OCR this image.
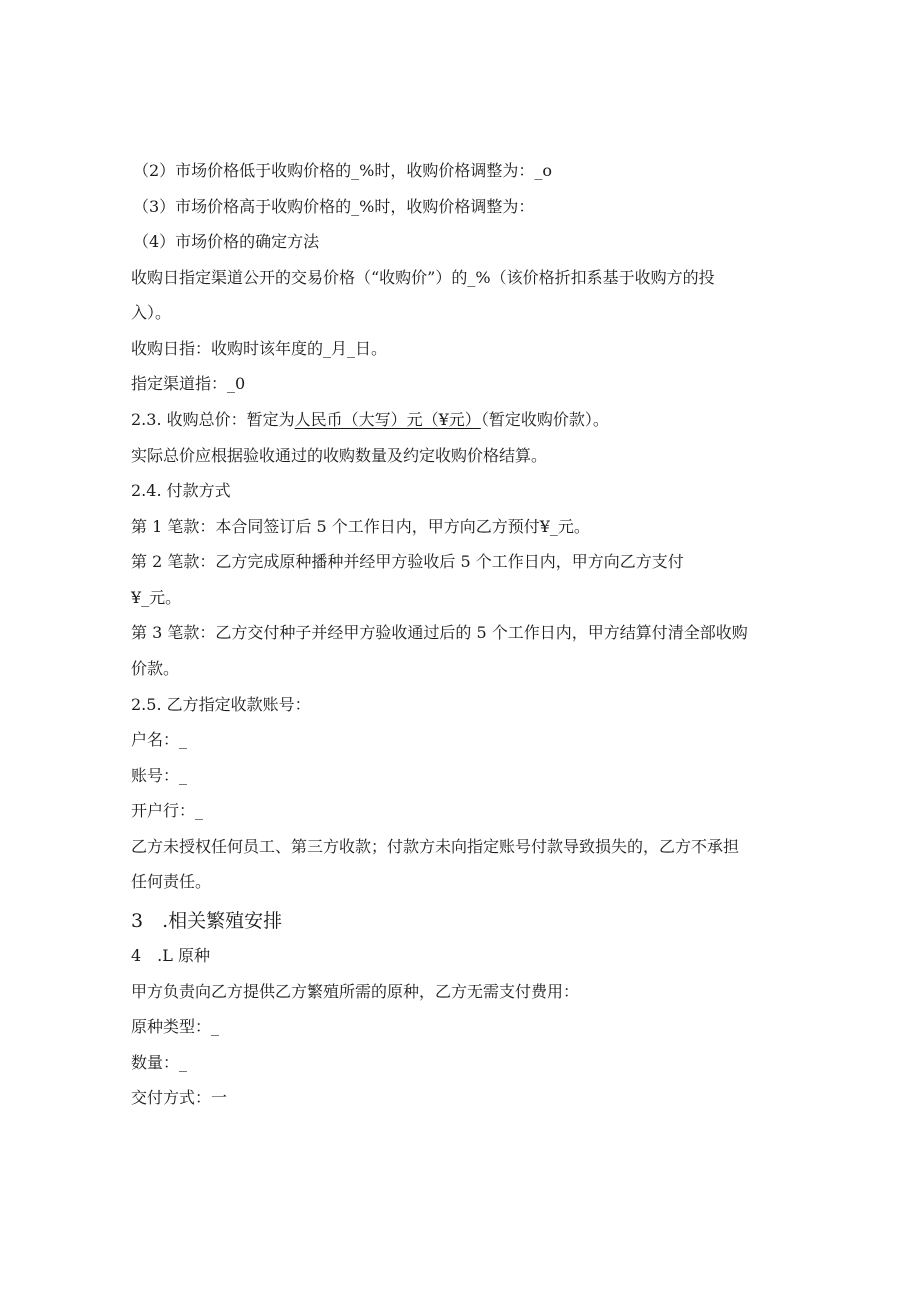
（2）市场价格低于收购价格的_%时，收购价格调整为：_o

（3）市场价格高于收购价格的_%时，收购价格调整为：

（4）市场价格的确定方法

收购日指定渠道公开的交易价格（“收购价”）的_%（该价格折扣系基于收购方的投

入）。

收购日指：收购时该年度的_月_日。

指定渠道指：_0

2.3. 收购总价：暂定为人民币（大写）元（¥元）（暂定收购价款）。

实际总价应根据验收通过的收购数量及约定收购价格结算。

2.4. 付款方式

第 1 笔款：本合同签订后 5 个工作日内，甲方向乙方预付¥_元。

第 2 笔款：乙方完成原种播种并经甲方验收后 5 个工作日内，甲方向乙方支付

¥_元。

第 3 笔款：乙方交付种子并经甲方验收通过后的 5 个工作日内，甲方结算付清全部收购

价款。

2.5. 乙方指定收款账号：

户名：_

账号：_

开户行：_

乙方未授权任何员工、第三方收款；付款方未向指定账号付款导致损失的，乙方不承担

任何责任。

3　.相关繁殖安排

4　.L 原种

甲方负责向乙方提供乙方繁殖所需的原种，乙方无需支付费用：

原种类型：_

数量：_

交付方式：一
